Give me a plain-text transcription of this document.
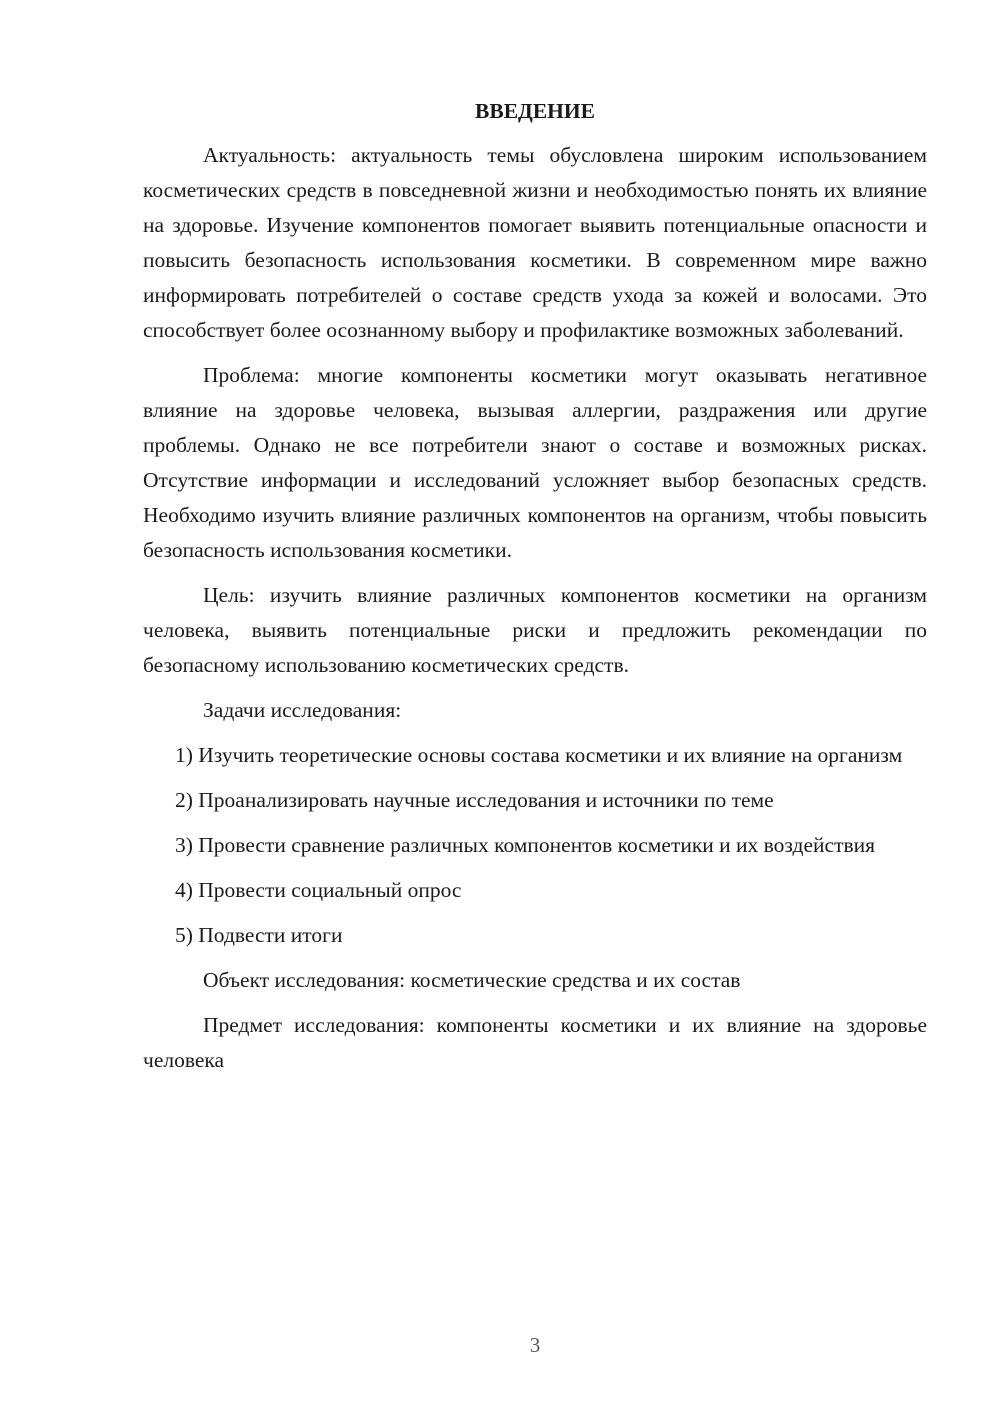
ВВЕДЕНИЕ

Актуальность: актуальность темы обусловлена широким использованием косметических средств в повседневной жизни и необходимостью понять их влияние на здоровье. Изучение компонентов помогает выявить потенциальные опасности и повысить безопасность использования косметики. В современном мире важно информировать потребителей о составе средств ухода за кожей и волосами. Это способствует более осознанному выбору и профилактике возможных заболеваний.

Проблема: многие компоненты косметики могут оказывать негативное влияние на здоровье человека, вызывая аллергии, раздражения или другие проблемы. Однако не все потребители знают о составе и возможных рисках. Отсутствие информации и исследований усложняет выбор безопасных средств. Необходимо изучить влияние различных компонентов на организм, чтобы повысить безопасность использования косметики.

Цель: изучить влияние различных компонентов косметики на организм человека, выявить потенциальные риски и предложить рекомендации по безопасному использованию косметических средств.

Задачи исследования:

1) Изучить теоретические основы состава косметики и их влияние на организм

2) Проанализировать научные исследования и источники по теме

3) Провести сравнение различных компонентов косметики и их воздействия

4) Провести социальный опрос

5) Подвести итоги

Объект исследования: косметические средства и их состав

Предмет исследования: компоненты косметики и их влияние на здоровье человека

3
